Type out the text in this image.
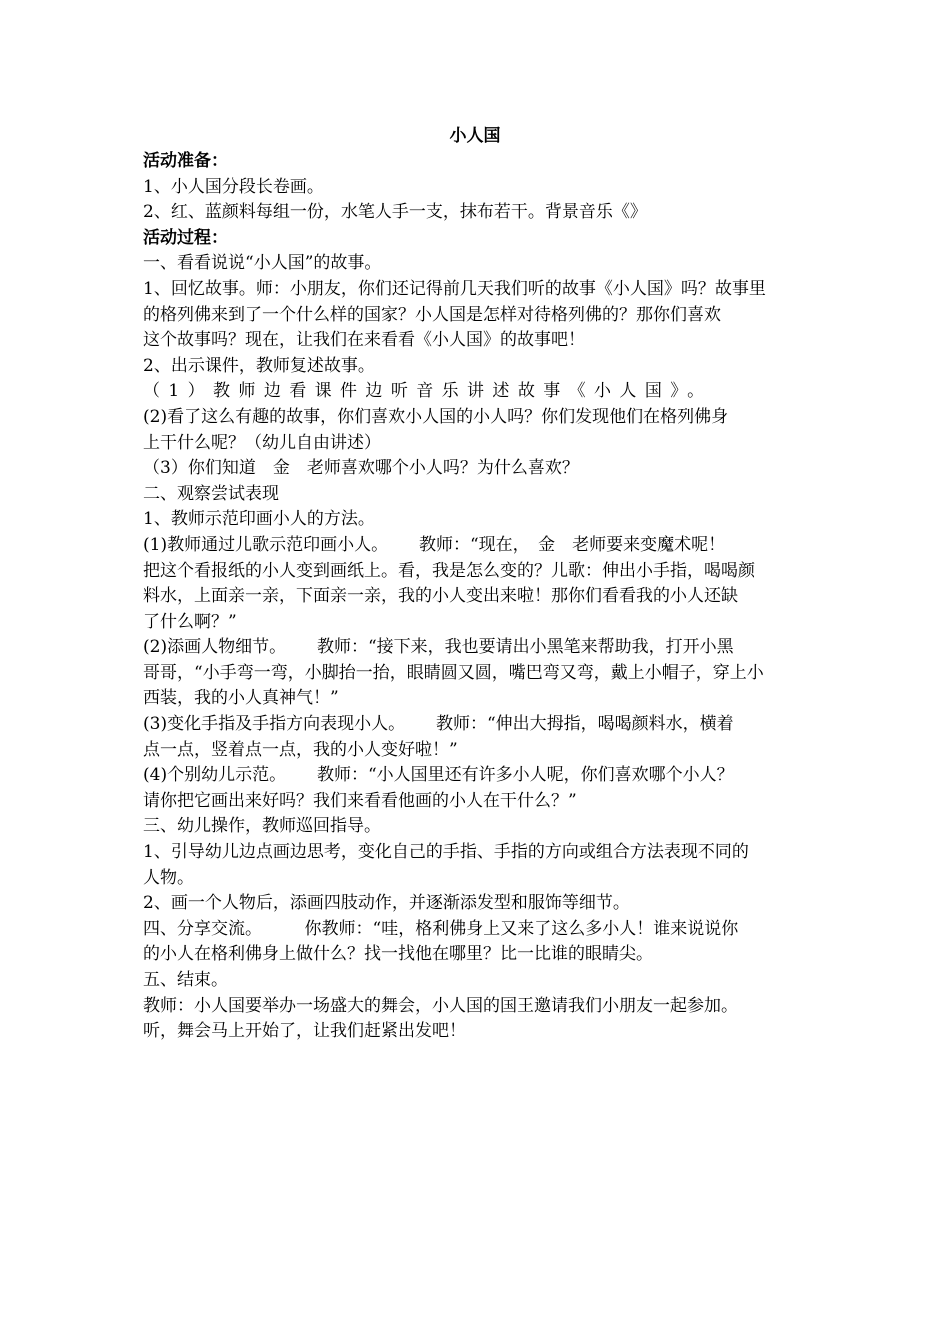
小人国
活动准备：
1、小人国分段长卷画。
2、红、蓝颜料每组一份，水笔人手一支，抹布若干。背景音乐《》
活动过程：
一、看看说说“小人国”的故事。
1、回忆故事。师：小朋友，你们还记得前几天我们听的故事《小人国》吗？故事里
的格列佛来到了一个什么样的国家？小人国是怎样对待格列佛的？那你们喜欢
这个故事吗？现在，让我们在来看看《小人国》的故事吧！
2、出示课件，教师复述故事。
（1）教师边看课件边听音乐讲述故事《小人国》。
(2)看了这么有趣的故事，你们喜欢小人国的小人吗？你们发现他们在格列佛身
上干什么呢？（幼儿自由讲述）
（3）你们知道　金　老师喜欢哪个小人吗？为什么喜欢？
二、观察尝试表现
1、教师示范印画小人的方法。
(1)教师通过儿歌示范印画小人。　　 教师：“现在，　金　老师要来变魔术呢！
把这个看报纸的小人变到画纸上。看，我是怎么变的？儿歌：伸出小手指，喝喝颜
料水，上面亲一亲，下面亲一亲，我的小人变出来啦！那你们看看我的小人还缺
了什么啊？”
(2)添画人物细节。　　 教师：“接下来，我也要请出小黑笔来帮助我，打开小黑
哥哥，“小手弯一弯，小脚抬一抬，眼睛圆又圆，嘴巴弯又弯，戴上小帽子，穿上小
西装，我的小人真神气！”
(3)变化手指及手指方向表现小人。　　 教师：“伸出大拇指，喝喝颜料水，横着
点一点，竖着点一点，我的小人变好啦！”
(4)个别幼儿示范。　　 教师：“小人国里还有许多小人呢，你们喜欢哪个小人？
请你把它画出来好吗？我们来看看他画的小人在干什么？”
三、幼儿操作，教师巡回指导。
1、引导幼儿边点画边思考，变化自己的手指、手指的方向或组合方法表现不同的
人物。
2、画一个人物后，添画四肢动作，并逐渐添发型和服饰等细节。
四、分享交流。　　　你教师：“哇，格利佛身上又来了这么多小人！谁来说说你
的小人在格利佛身上做什么？找一找他在哪里？比一比谁的眼睛尖。
五、结束。
教师：小人国要举办一场盛大的舞会，小人国的国王邀请我们小朋友一起参加。
听，舞会马上开始了，让我们赶紧出发吧！
